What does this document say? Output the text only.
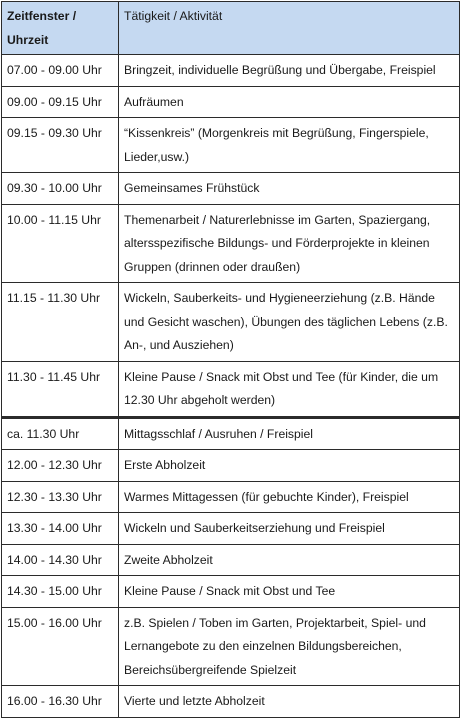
Zeitfenster / Uhrzeit	Tätigkeit / Aktivität
07.00 - 09.00 Uhr	Bringzeit, individuelle Begrüßung und Übergabe, Freispiel
09.00 - 09.15 Uhr	Aufräumen
09.15 - 09.30 Uhr	“Kissenkreis” (Morgenkreis mit Begrüßung, Fingerspiele, Lieder,usw.)
09.30 - 10.00 Uhr	Gemeinsames Frühstück
10.00 - 11.15 Uhr	Themenarbeit / Naturerlebnisse im Garten, Spaziergang, altersspezifische Bildungs- und Förderprojekte in kleinen Gruppen (drinnen oder draußen)
11.15 - 11.30 Uhr	Wickeln, Sauberkeits- und Hygieneerziehung (z.B. Hände und Gesicht waschen), Übungen des täglichen Lebens (z.B. An-, und Ausziehen)
11.30 - 11.45 Uhr	Kleine Pause / Snack mit Obst und Tee (für Kinder, die um 12.30 Uhr abgeholt werden)
ca. 11.30 Uhr	Mittagsschlaf / Ausruhen / Freispiel
12.00 - 12.30 Uhr	Erste Abholzeit
12.30 - 13.30 Uhr	Warmes Mittagessen (für gebuchte Kinder), Freispiel
13.30 - 14.00 Uhr	Wickeln und Sauberkeitserziehung und Freispiel
14.00 - 14.30 Uhr	Zweite Abholzeit
14.30 - 15.00 Uhr	Kleine Pause / Snack mit Obst und Tee
15.00 - 16.00 Uhr	z.B. Spielen / Toben im Garten, Projektarbeit, Spiel- und Lernangebote zu den einzelnen Bildungsbereichen, Bereichsübergreifende Spielzeit
16.00 - 16.30 Uhr	Vierte und letzte Abholzeit
